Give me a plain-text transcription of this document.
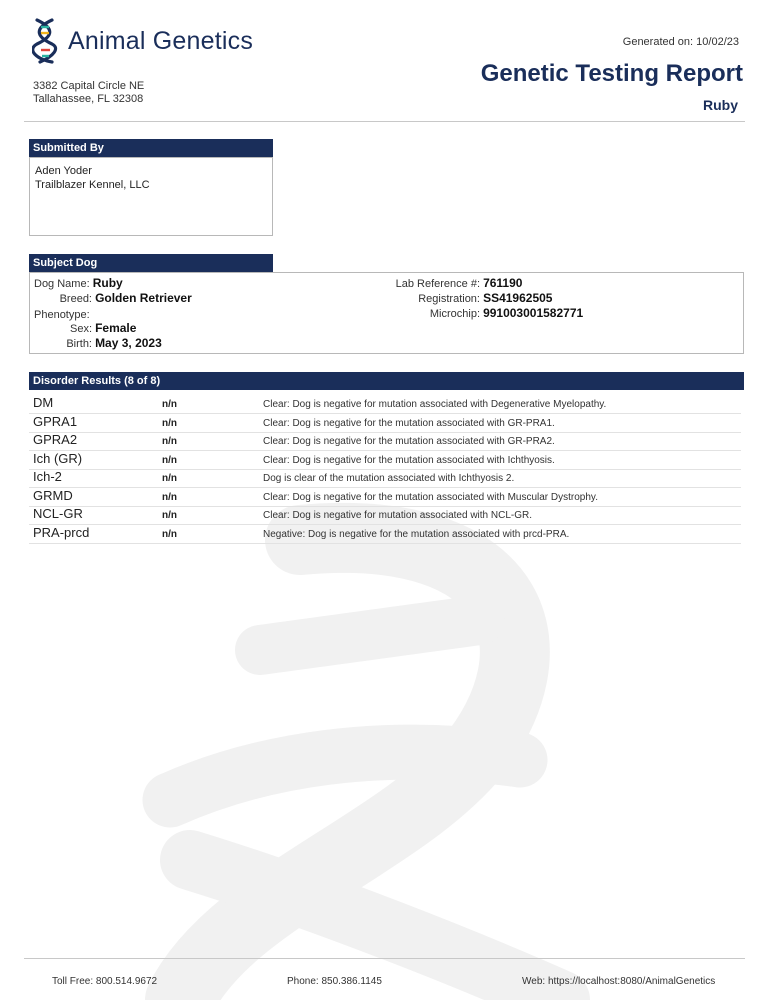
Animal Genetics
3382 Capital Circle NE
Tallahassee, FL 32308
Generated on: 10/02/23
Genetic Testing Report
Ruby
Submitted By
Aden Yoder
Trailblazer Kennel, LLC
Subject Dog
Dog Name: Ruby
Breed: Golden Retriever
Phenotype:
Sex: Female
Birth: May 3, 2023
Lab Reference #: 761190
Registration: SS41962505
Microchip: 991003001582771
Disorder Results (8 of 8)
DM	n/n	Clear: Dog is negative for mutation associated with Degenerative Myelopathy.
GPRA1	n/n	Clear: Dog is negative for the mutation associated with GR-PRA1.
GPRA2	n/n	Clear: Dog is negative for the mutation associated with GR-PRA2.
Ich (GR)	n/n	Clear: Dog is negative for the mutation associated with Ichthyosis.
Ich-2	n/n	Dog is clear of the mutation associated with Ichthyosis 2.
GRMD	n/n	Clear: Dog is negative for the mutation associated with Muscular Dystrophy.
NCL-GR	n/n	Clear: Dog is negative for mutation associated with NCL-GR.
PRA-prcd	n/n	Negative: Dog is negative for the mutation associated with prcd-PRA.
Toll Free: 800.514.9672	Phone: 850.386.1145	Web: https://localhost:8080/AnimalGenetics
